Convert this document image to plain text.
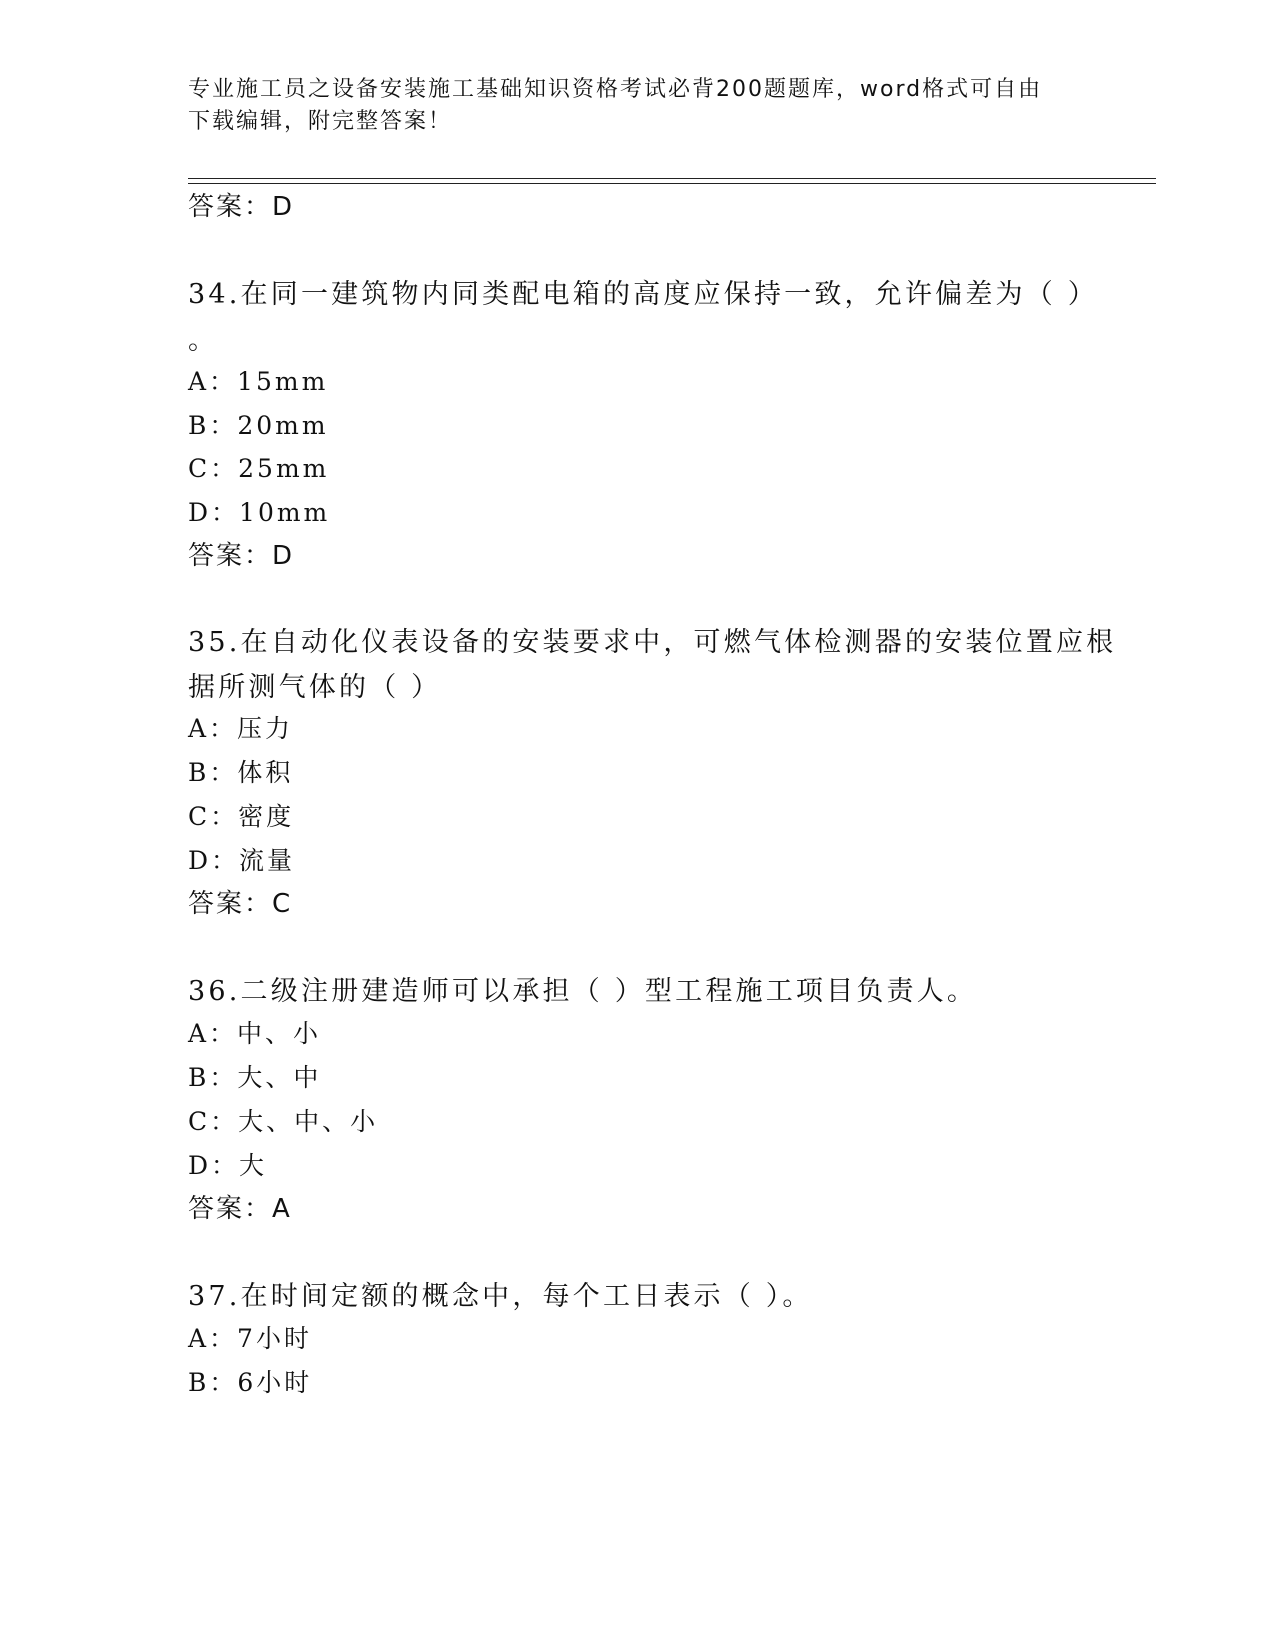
专业施工员之设备安装施工基础知识资格考试必背200题题库，word格式可自由
下载编辑，附完整答案！
答案：D
34.在同一建筑物内同类配电箱的高度应保持一致，允许偏差为（ ）
。
A：15mm
B：20mm
C：25mm
D：10mm
答案：D
35.在自动化仪表设备的安装要求中，可燃气体检测器的安装位置应根
据所测气体的（ ）
A：压力
B：体积
C：密度
D：流量
答案：C
36.二级注册建造师可以承担（ ）型工程施工项目负责人。
A：中、小
B：大、中
C：大、中、小
D：大
答案：A
37.在时间定额的概念中，每个工日表示（ ）。
A：7小时
B：6小时
